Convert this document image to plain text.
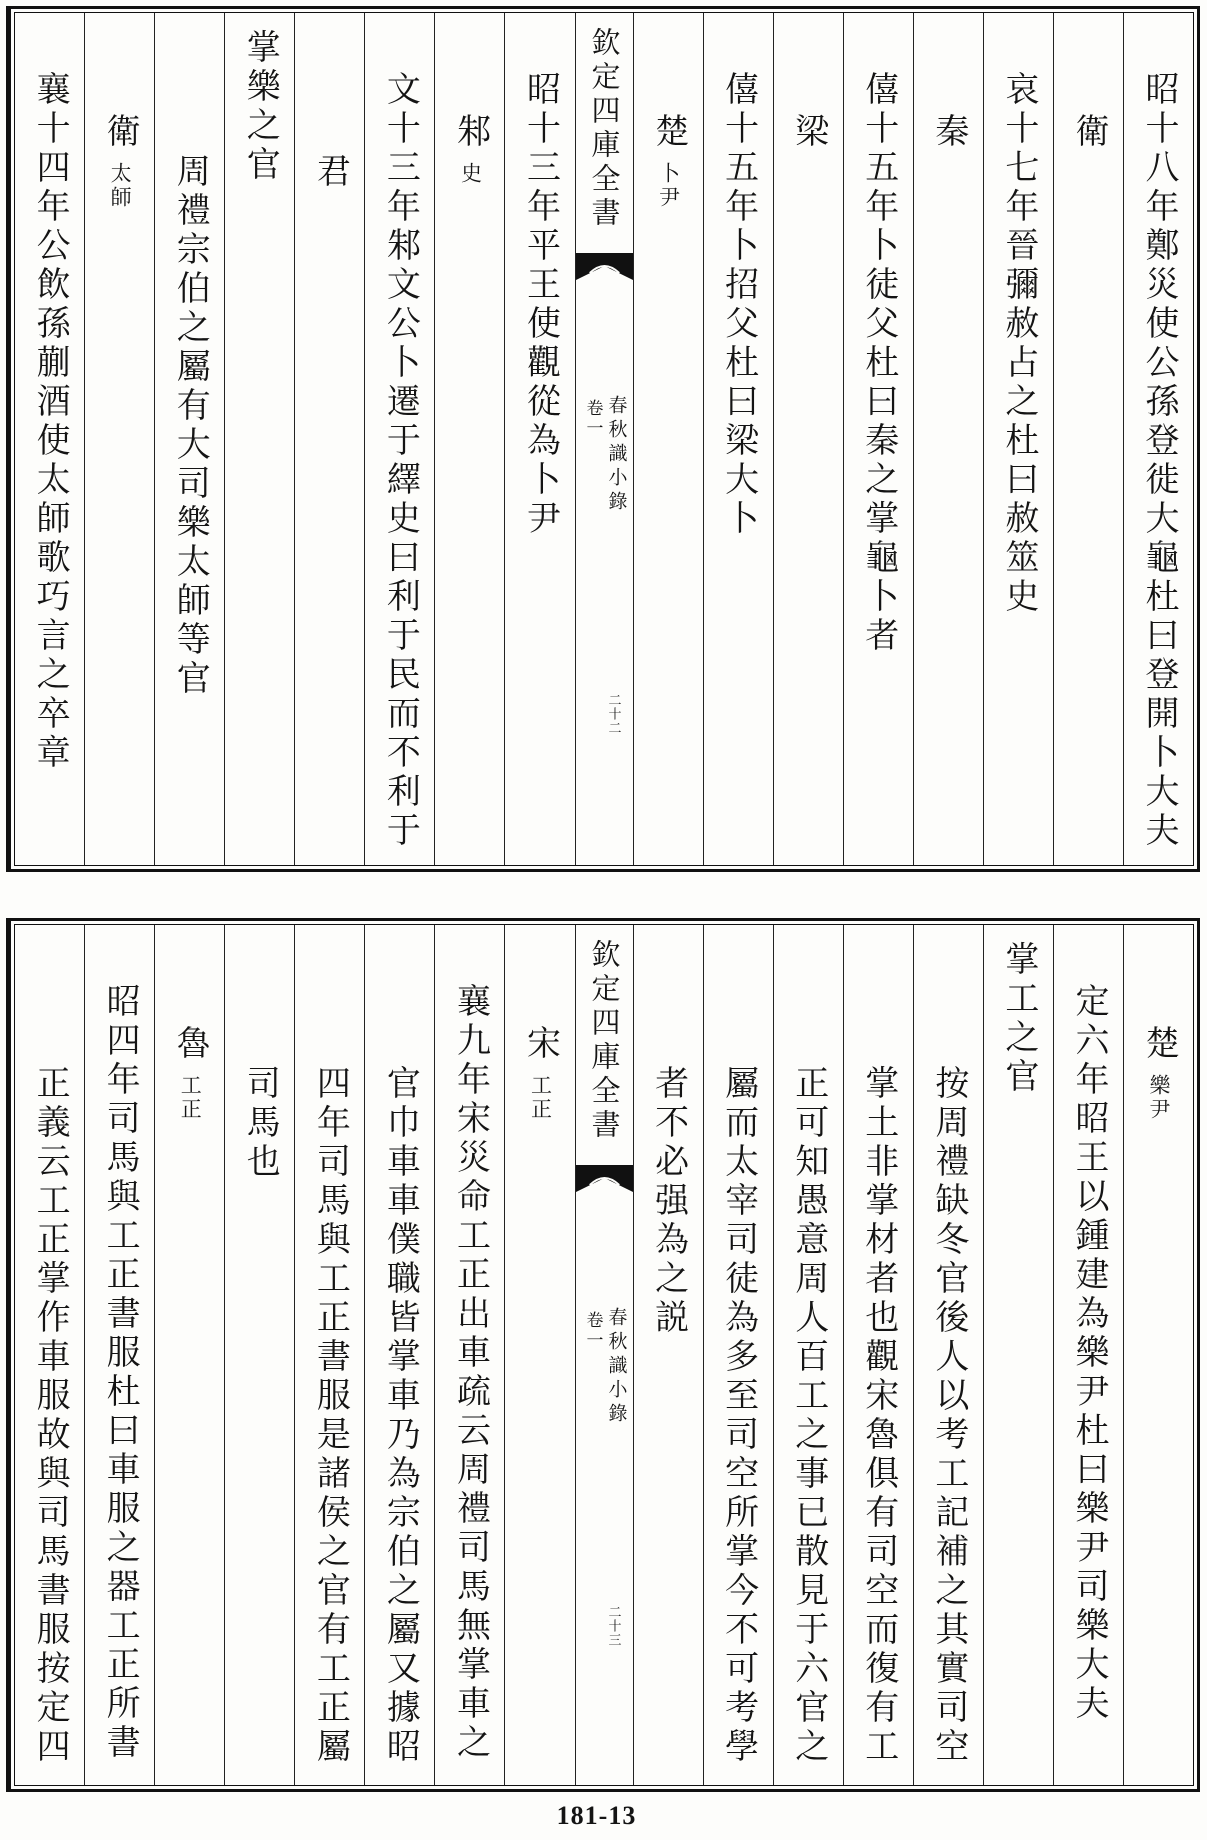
昭十八年鄭災使公孫登徙大龜杜曰登開卜大夫
衛
哀十七年晉彌赦占之杜曰赦筮史
秦
僖十五年卜徒父杜曰秦之掌龜卜者
梁
僖十五年卜招父杜曰梁大卜
楚卜尹
欽定四庫全書
春秋識小錄
卷一
二十二
昭十三年平王使觀從為卜尹
邾史
文十三年邾文公卜遷于繹史曰利于民而不利于
君
掌樂之官
周禮宗伯之屬有大司樂太師等官
衛太師
襄十四年公飲孫蒯酒使太師歌巧言之卒章
楚樂尹
定六年昭王以鍾建為樂尹杜曰樂尹司樂大夫
掌工之官
按周禮缺冬官後人以考工記補之其實司空
掌土非掌材者也觀宋魯俱有司空而復有工
正可知愚意周人百工之事已散見于六官之
屬而太宰司徒為多至司空所掌今不可考學
者不必强為之説
欽定四庫全書
春秋識小錄
卷一
二十三
宋工正
襄九年宋災命工正出車疏云周禮司馬無掌車之
官巾車車僕職皆掌車乃為宗伯之屬又據昭
四年司馬與工正書服是諸侯之官有工正屬
司馬也
魯工正
昭四年司馬與工正書服杜曰車服之器工正所書
正義云工正掌作車服故與司馬書服按定四
181-13
